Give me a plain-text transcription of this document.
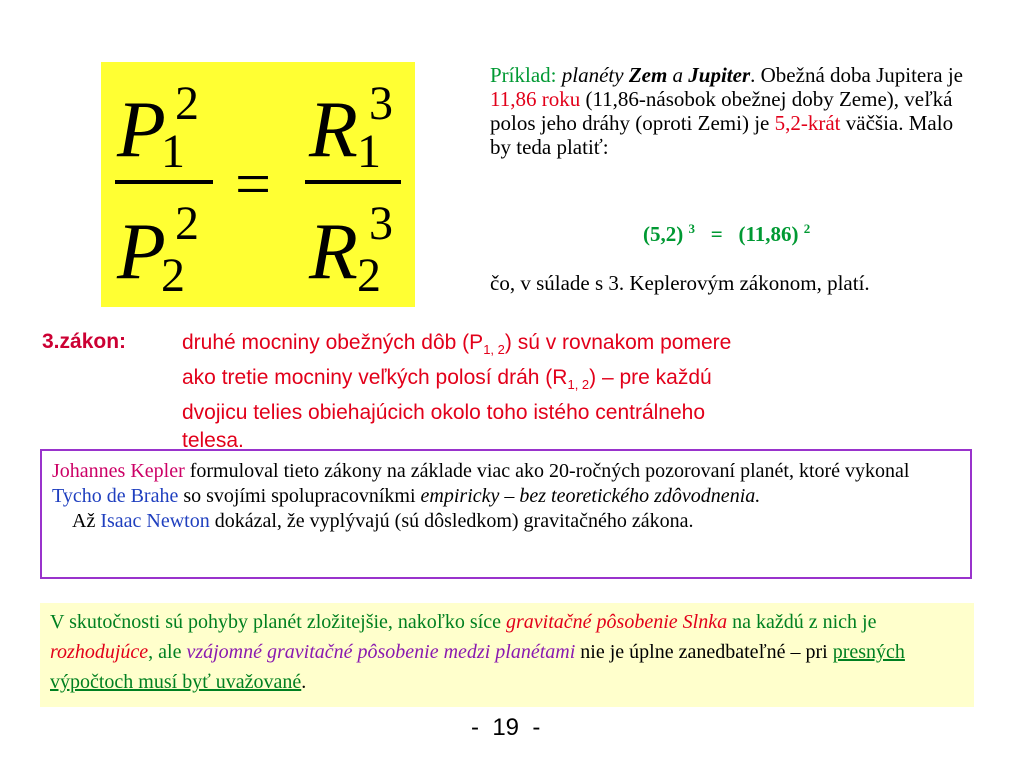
P 2
1
P 2
2
=
R 3
1
R 3
2
Príklad: planéty Zem a Jupiter. Obežná doba Jupitera je 11,86 roku (11,86-násobok obežnej doby Zeme), veľká polos jeho dráhy (oproti Zemi) je 5,2-krát väčšia. Malo by teda platiť:
(5,2) $^3$   =   (11,86) $^2$
čo, v súlade s 3. Keplerovým zákonom, platí.
3.zákon:	druhé mocniny obežných dôb $(P_{1, 2})$ sú v rovnakom pomere
ako tretie mocniny veľkých polosí dráh $(R_{1, 2})$ – pre každú
dvojicu telies obiehajúcich okolo toho istého centrálneho
telesa.
Johannes Kepler formuloval tieto zákony na základe viac ako 20-ročných pozorovaní planét, ktoré vykonal Tycho de Brahe so svojími spolupracovníkmi empiricky – bez teoretického zdôvodnenia.
Až Isaac Newton dokázal, že vyplývajú (sú dôsledkom) gravitačného zákona.
V skutočnosti sú pohyby planét zložitejšie, nakoľko síce gravitačné pôsobenie Slnka na každú z nich je rozhodujúce, ale vzájomné gravitačné pôsobenie medzi planétami nie je úplne zanedbateľné – pri presných výpočtoch musí byť uvažované.
-  19  -
